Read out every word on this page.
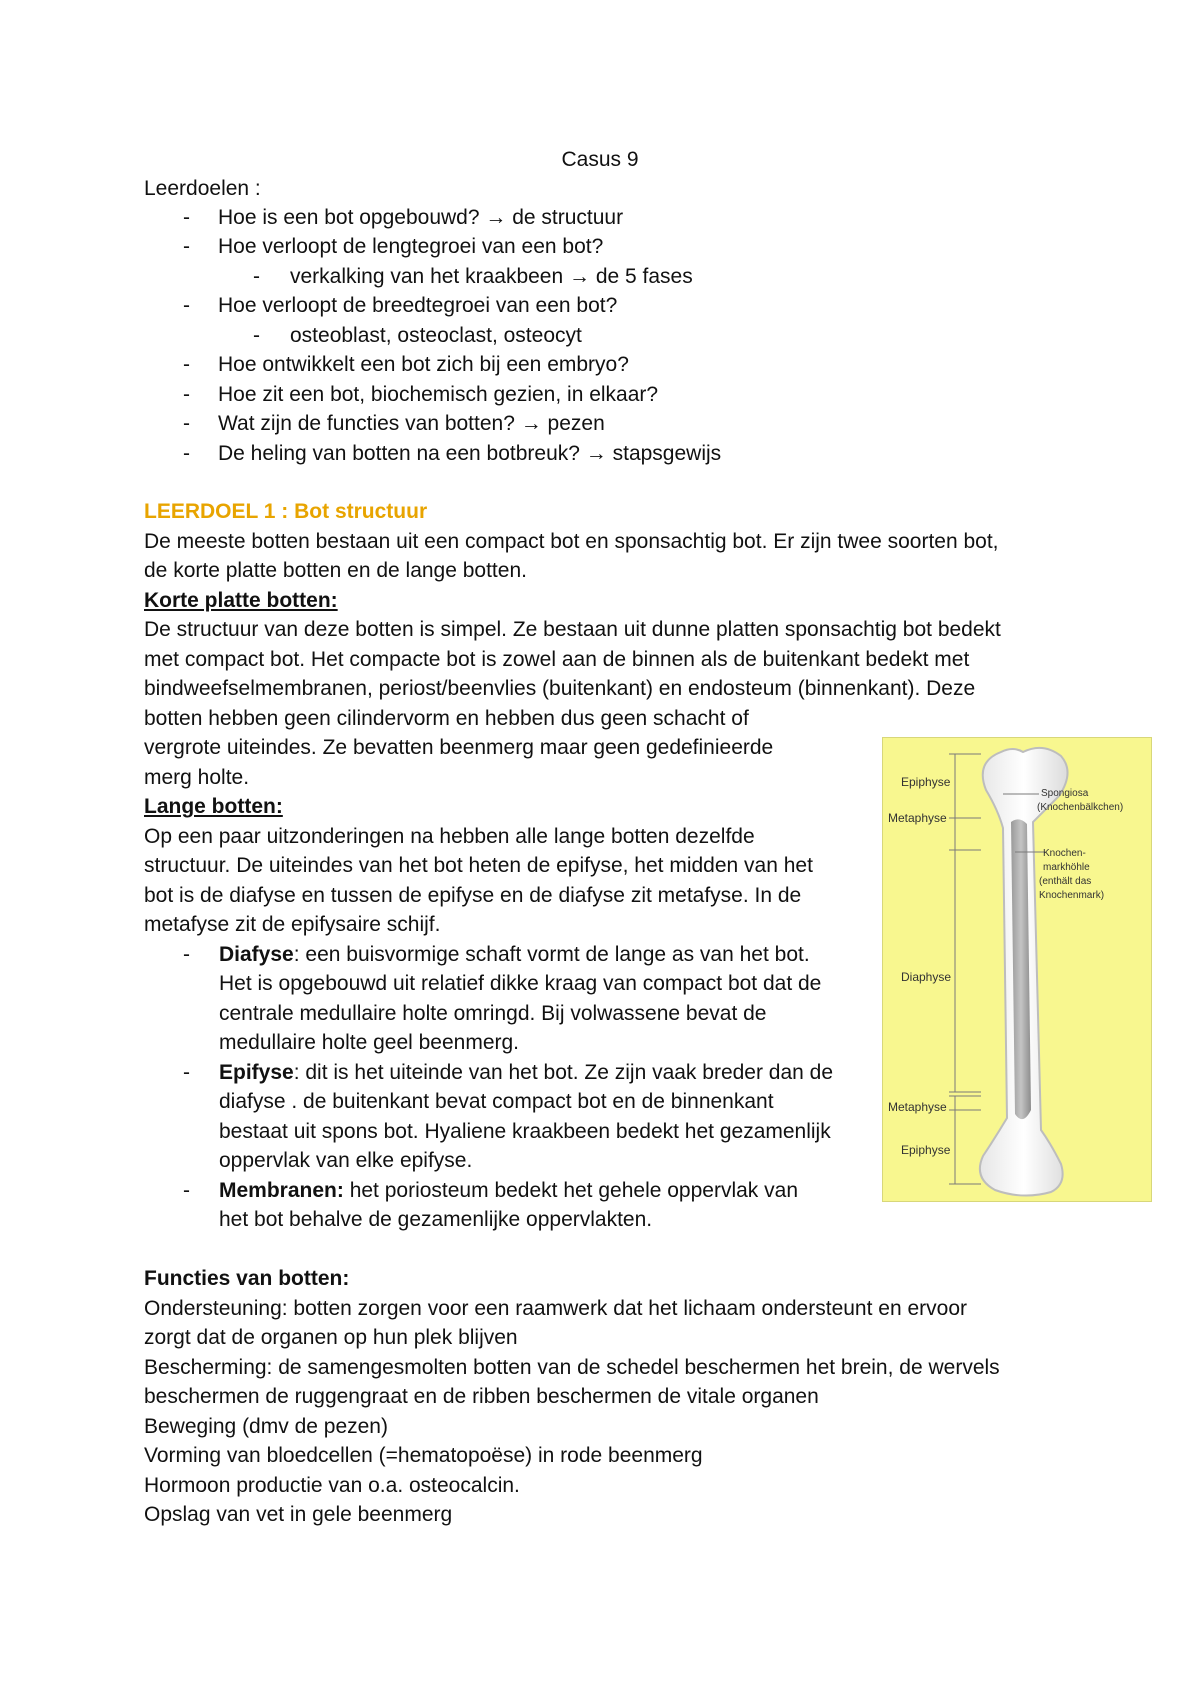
Casus 9
Leerdoelen :
- Hoe is een bot opgebouwd? → de structuur
- Hoe verloopt de lengtegroei van een bot?
- verkalking van het kraakbeen → de 5 fases
- Hoe verloopt de breedtegroei van een bot?
- osteoblast, osteoclast, osteocyt
- Hoe ontwikkelt een bot zich bij een embryo?
- Hoe zit een bot, biochemisch gezien, in elkaar?
- Wat zijn de functies van botten? → pezen
- De heling van botten na een botbreuk? → stapsgewijs
LEERDOEL 1 : Bot structuur
De meeste botten bestaan uit een compact bot en sponsachtig bot. Er zijn twee soorten bot,
de korte platte botten en de lange botten.
Korte platte botten:
De structuur van deze botten is simpel. Ze bestaan uit dunne platten sponsachtig bot bedekt
met compact bot. Het compacte bot is zowel aan de binnen als de buitenkant bedekt met
bindweefselmembranen, periost/beenvlies (buitenkant) en endosteum (binnenkant). Deze
botten hebben geen cilindervorm en hebben dus geen schacht of
vergrote uiteindes. Ze bevatten beenmerg maar geen gedefinieerde
merg holte.
Lange botten:
Op een paar uitzonderingen na hebben alle lange botten dezelfde
structuur. De uiteindes van het bot heten de epifyse, het midden van het
bot is de diafyse en tussen de epifyse en de diafyse zit metafyse. In de
metafyse zit de epifysaire schijf.
- Diafyse: een buisvormige schaft vormt de lange as van het bot.
Het is opgebouwd uit relatief dikke kraag van compact bot dat de
centrale medullaire holte omringd. Bij volwassene bevat de
medullaire holte geel beenmerg.
- Epifyse: dit is het uiteinde van het bot. Ze zijn vaak breder dan de
diafyse . de buitenkant bevat compact bot en de binnenkant
bestaat uit spons bot. Hyaliene kraakbeen bedekt het gezamenlijk
oppervlak van elke epifyse.
- Membranen: het poriosteum bedekt het gehele oppervlak van
het bot behalve de gezamenlijke oppervlakten.
Epiphyse
Metaphyse
Diaphyse
Metaphyse
Epiphyse
Spongiosa
(Knochenbälkchen)
Knochen-
markhöhle
(enthält das
Knochenmark)
Functies van botten:
Ondersteuning: botten zorgen voor een raamwerk dat het lichaam ondersteunt en ervoor
zorgt dat de organen op hun plek blijven
Bescherming: de samengesmolten botten van de schedel beschermen het brein, de wervels
beschermen de ruggengraat en de ribben beschermen de vitale organen
Beweging (dmv de pezen)
Vorming van bloedcellen (=hematopoëse) in rode beenmerg
Hormoon productie van o.a. osteocalcin.
Opslag van vet in gele beenmerg
